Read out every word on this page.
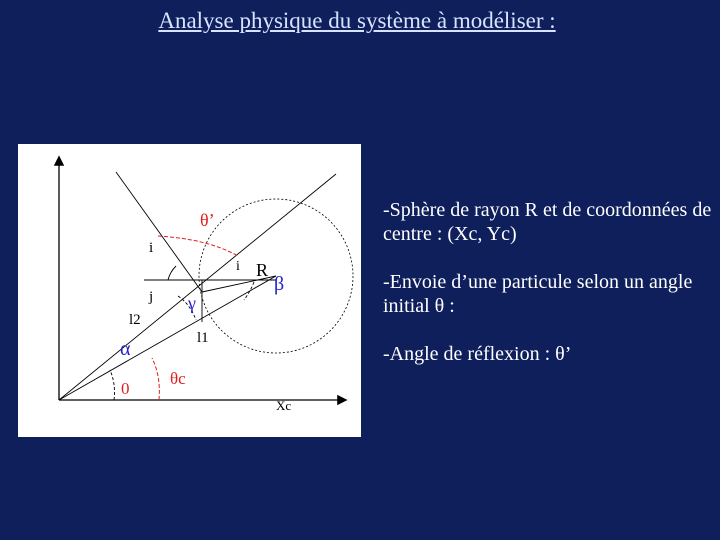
Analyse physique du système à modéliser :
θ’
i
i R
β
j γ
l2
l1
α
0
θc
Xc
-Sphère de rayon R et de coordonnées de centre : (Xc, Yc)
-Envoie d’une particule selon un angle initial θ :
-Angle de réflexion : θ’
